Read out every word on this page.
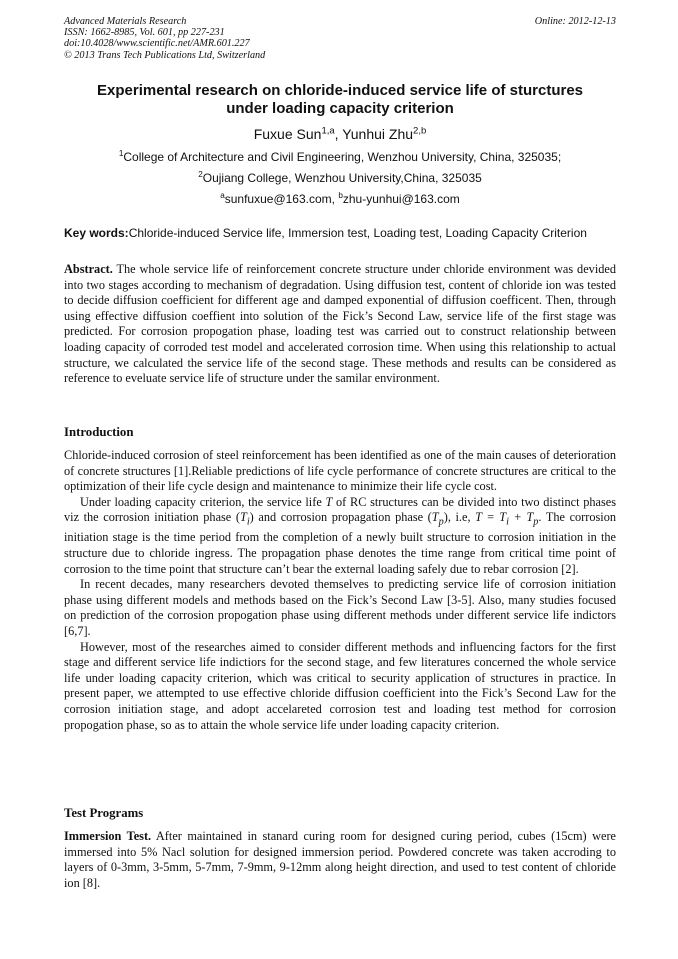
Advanced Materials Research
ISSN: 1662-8985, Vol. 601, pp 227-231
doi:10.4028/www.scientific.net/AMR.601.227
© 2013 Trans Tech Publications Ltd, Switzerland
Online: 2012-12-13
Experimental research on chloride-induced service life of sturctures
under loading capacity criterion
Fuxue Sun$^{1,a}$, Yunhui Zhu$^{2,b}$
$^1$College of Architecture and Civil Engineering, Wenzhou University, China, 325035;
$^2$Oujiang College, Wenzhou University,China, 325035
$^a$sunfuxue@163.com, $^b$zhu-yunhui@163.com
Key words:Chloride-induced Service life, Immersion test, Loading test, Loading Capacity Criterion
Abstract. The whole service life of reinforcement concrete structure under chloride environment was devided into two stages according to mechanism of degradation. Using diffusion test, content of chloride ion was tested to decide diffusion coefficient for different age and damped exponential of diffusion coefficent. Then, through using effective diffusion coeffient into solution of the Fick’s Second Law, service life of the first stage was predicted. For corrosion propogation phase, loading test was carried out to construct relationship between loading capacity of corroded test model and accelerated corrosion time. When using this relationship to actual structure, we calculated the service life of the second stage. These methods and results can be considered as reference to eveluate service life of structure under the samilar environment.
Introduction

Chloride-induced corrosion of steel reinforcement has been identified as one of the main causes of deterioration of concrete structures [1].Reliable predictions of life cycle performance of concrete structures are critical to the optimization of their life cycle design and maintenance to minimize their life cycle cost.

Under loading capacity criterion, the service life T of RC structures can be divided into two distinct phases viz the corrosion initiation phase $(T_i)$ and corrosion propagation phase $(T_p)$, i.e, $T = T_i + T_p$. The corrosion initiation stage is the time period from the completion of a newly built structure to corrosion initiation in the structure due to chloride ingress. The propagation phase denotes the time range from critical time point of corrosion to the time point that structure can’t bear the external loading safely due to rebar corrosion [2].

In recent decades, many researchers devoted themselves to predicting service life of corrosion initiation phase using different models and methods based on the Fick’s Second Law [3-5]. Also, many studies focused on prediction of the corrosion propogation phase using different methods under different service life indictors [6,7].

However, most of the researches aimed to consider different methods and influencing factors for the first stage and different service life indictiors for the second stage, and few literatures concerned the whole service life under loading capacity criterion, which was critical to security application of structures in practice. In present paper, we attempted to use effective chloride diffusion coefficient into the Fick’s Second Law for the corrosion initiation stage, and adopt accelareted corrosion test and loading test method for corrosion propogation phase, so as to attain the whole service life under loading capacity criterion.

Test Programs

Immersion Test. After maintained in stanard curing room for designed curing period, cubes (15cm) were immersed into 5% Nacl solution for designed immersion period. Powdered concrete was taken accroding to layers of 0-3mm, 3-5mm, 5-7mm, 7-9mm, 9-12mm along height direction, and used to test content of chloride ion [8].
